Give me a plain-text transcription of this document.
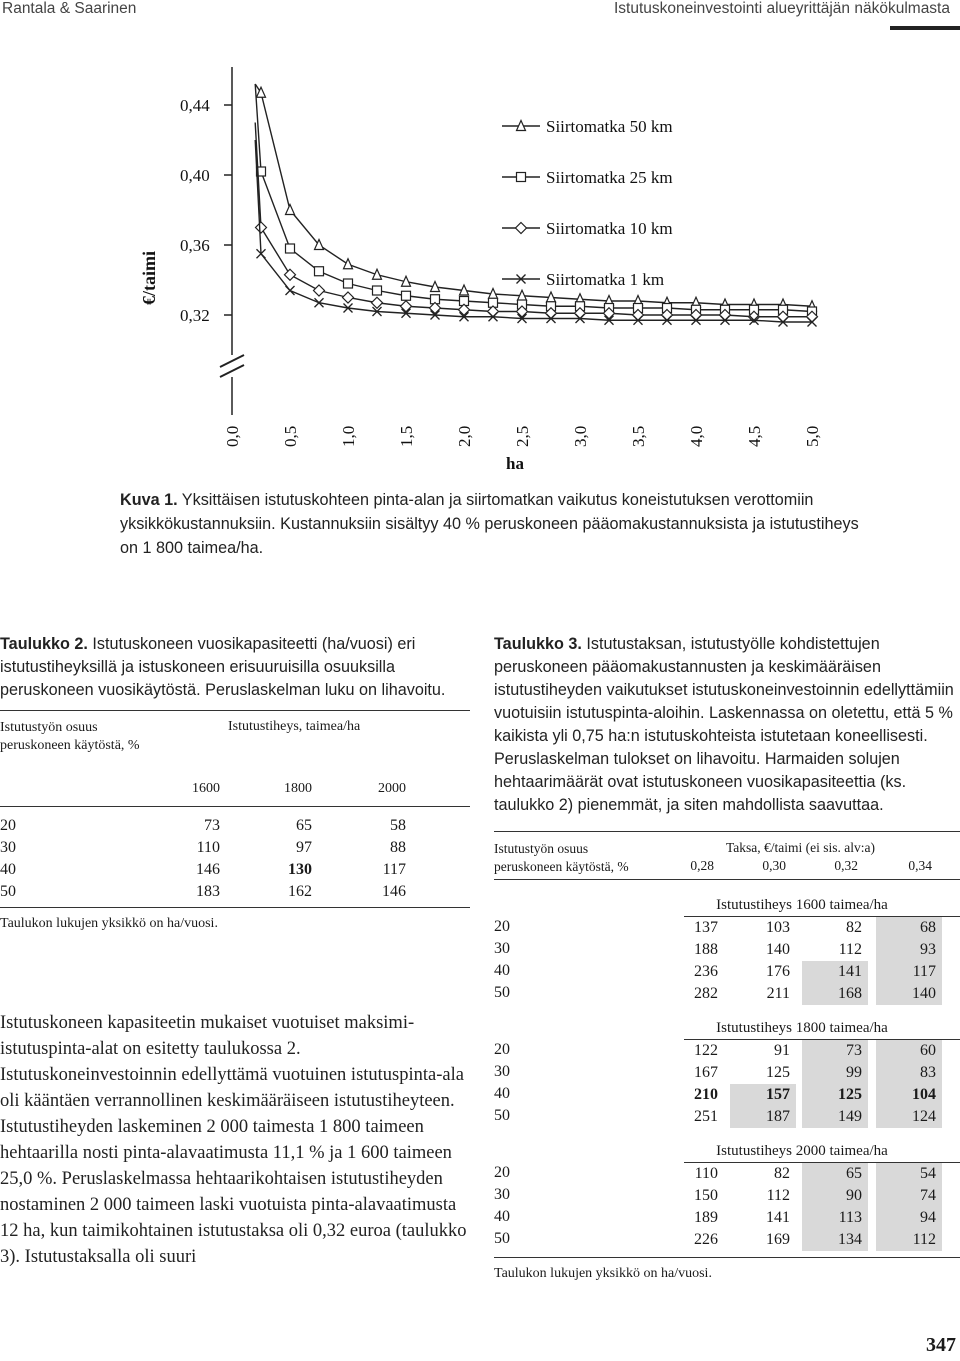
Rantala & Saarinen	Istutuskoneinvestointi alueyrittäjän näkökulmasta
0,44
0,40
0,36
0,32
€/taimi
0,0 0,5 1,0 1,5 2,0 2,5 3,0 3,5 4,0 4,5 5,0
ha
Siirtomatka 50 km
Siirtomatka 25 km
Siirtomatka 10 km
Siirtomatka 1 km
Kuva 1. Yksittäisen istutuskohteen pinta-alan ja siirtomatkan vaikutus koneistutuksen verottomiin yksikkökustannuksiin. Kustannuksiin sisältyy 40 % peruskoneen pääomakustannuksista ja istutustiheys on 1 800 taimea/ha.
Taulukko 2. Istutuskoneen vuosikapasiteetti (ha/vuosi) eri istutustiheyksillä ja istuskoneen erisuuruisilla osuuksilla peruskoneen vuosikäytöstä. Peruslaskelman luku on lihavoitu.
Istutustyön osuus
peruskoneen käytöstä, %
Istutustiheys, taimea/ha
1600	1800	2000
20	73	65	58
30	110	97	88
40	146	130	117
50	183	162	146
Taulukon lukujen yksikkö on ha/vuosi.
Istutuskoneen kapasiteetin mukaiset vuotuiset maksimi-istutuspinta-alat on esitetty taulukossa 2. Istutuskoneinvestoinnin edellyttämä vuotuinen istutuspinta-ala oli kääntäen verrannollinen keskimääräiseen istutustiheyteen. Istutustiheyden laskeminen 2 000 taimesta 1 800 taimeen hehtaarilla nosti pinta-alavaatimusta 11,1 % ja 1 600 taimeen 25,0 %. Peruslaskelmassa hehtaarikohtaisen istutustiheyden nostaminen 2 000 taimeen laski vuotuista pinta-alavaatimusta 12 ha, kun taimikohtainen istutustaksa oli 0,32 euroa (taulukko 3). Istutustaksalla oli suuri
Taulukko 3. Istutustaksan, istutustyölle kohdistettujen peruskoneen pääomakustannusten ja keskimääräisen istutustiheyden vaikutukset istutuskoneinvestoinnin edellyttämiin vuotuisiin istutuspinta-aloihin. Laskennassa on oletettu, että 5 % kaikista yli 0,75 ha:n istutuskohteista istutetaan koneellisesti. Peruslaskelman tulokset on lihavoitu. Harmaiden solujen hehtaarimäärät ovat istutuskoneen vuosikapasiteettia (ks. taulukko 2) pienemmät, ja siten mahdollista saavuttaa.
Istutustyön osuus
peruskoneen käytöstä, %
Taksa, €/taimi (ei sis. alv:a)
0,28	0,30	0,32	0,34
Istutustiheys 1600 taimea/ha
20	137	103	82	68
30	188	140	112	93
40	236	176	141	117
50	282	211	168	140
Istutustiheys 1800 taimea/ha
20	122	91	73	60
30	167	125	99	83
40	210	157	125	104
50	251	187	149	124
Istutustiheys 2000 taimea/ha
20	110	82	65	54
30	150	112	90	74
40	189	141	113	94
50	226	169	134	112
Taulukon lukujen yksikkö on ha/vuosi.
347
